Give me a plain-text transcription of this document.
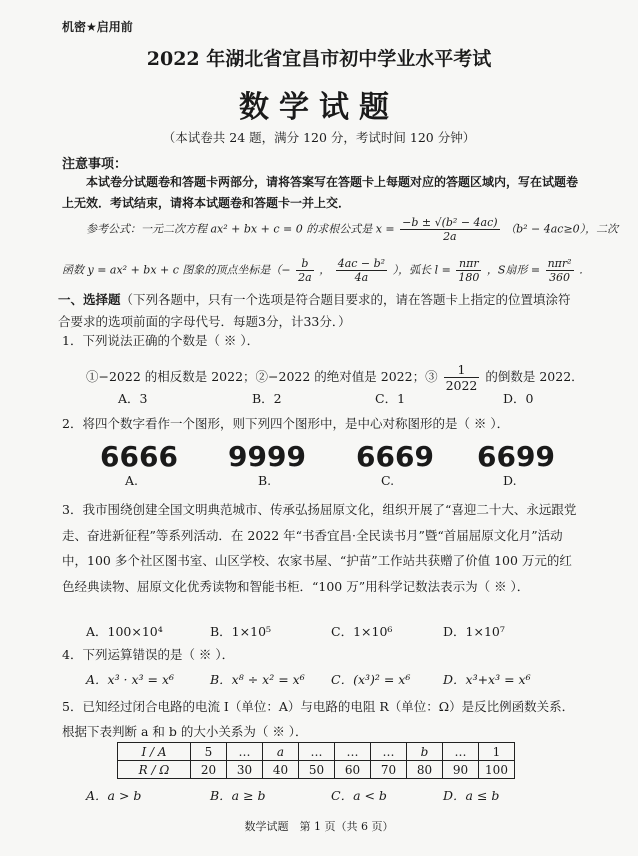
机密★启用前
2022 年湖北省宜昌市初中学业水平考试
数学试题
（本试卷共 24 题，满分 120 分，考试时间 120 分钟）
注意事项：
本试卷分试题卷和答题卡两部分，请将答案写在答题卡上每题对应的答题区域内，写在试题卷上无效．考试结束，请将本试题卷和答题卡一并上交．
参考公式：一元二次方程 ax² + bx + c = 0 的求根公式是 $x = \frac{\text{−b ± √(b² − 4ac)}}{2a} (b^2 - 4ac\ge 0)$，二次
函数 y = ax² + bx + c 图象的顶点坐标是（− $\frac{b}{2a}$ ， $\frac{\text{4ac − b²}}{4a}$ ），弧长 $l = \frac{\text{nπr}}{180}$ ，S扇形 = $\frac{\text{nπr²}}{360}$ ．
一、选择题（下列各题中，只有一个选项是符合题目要求的，请在答题卡上指定的位置填涂符合要求的选项前面的字母代号．每题3分，计33分．）
1．下列说法正确的个数是（ ※ ）．
①−2022 的相反数是 2022；②−2022 的绝对值是 2022；③ $\frac{1}{2022}$ 的倒数是 2022．
A．3	B．2	C．1	D．0
2．将四个数字看作一个图形，则下列四个图形中，是中心对称图形的是（ ※ ）．
6666 9999 6669 6699
A.	B.	C.	D.
3．我市围绕创建全国文明典范城市、传承弘扬屈原文化，组织开展了“喜迎二十大、永远跟党走、奋进新征程”等系列活动．在 2022 年“书香宜昌·全民读书月”暨“首届屈原文化月”活动中，100 多个社区图书室、山区学校、农家书屋、“护苗”工作站共获赠了价值 100 万元的红色经典读物、屈原文化优秀读物和智能书柜．“100 万”用科学记数法表示为（ ※ ）．
A．100×10⁴	B．1×10⁵	C．1×10⁶	D．1×10⁷
4．下列运算错误的是（ ※ ）．
A．x³ · x³ = x⁶	B．x⁸ ÷ x² = x⁶ C．(x³)² = x⁶	D．x³+x³ = x⁶
5．已知经过闭合电路的电流 I（单位：A）与电路的电阻 R（单位：Ω）是反比例函数关系．根据下表判断 a 和 b 的大小关系为（ ※ ）．
I / A	5	…	a	…	…	…	b	…	1
R / Ω	20	30	40	50	60	70	80	90	100
A．a > b	B．a ≥ b	C．a < b	D．a ≤ b
数学试题　第 1 页（共 6 页）
